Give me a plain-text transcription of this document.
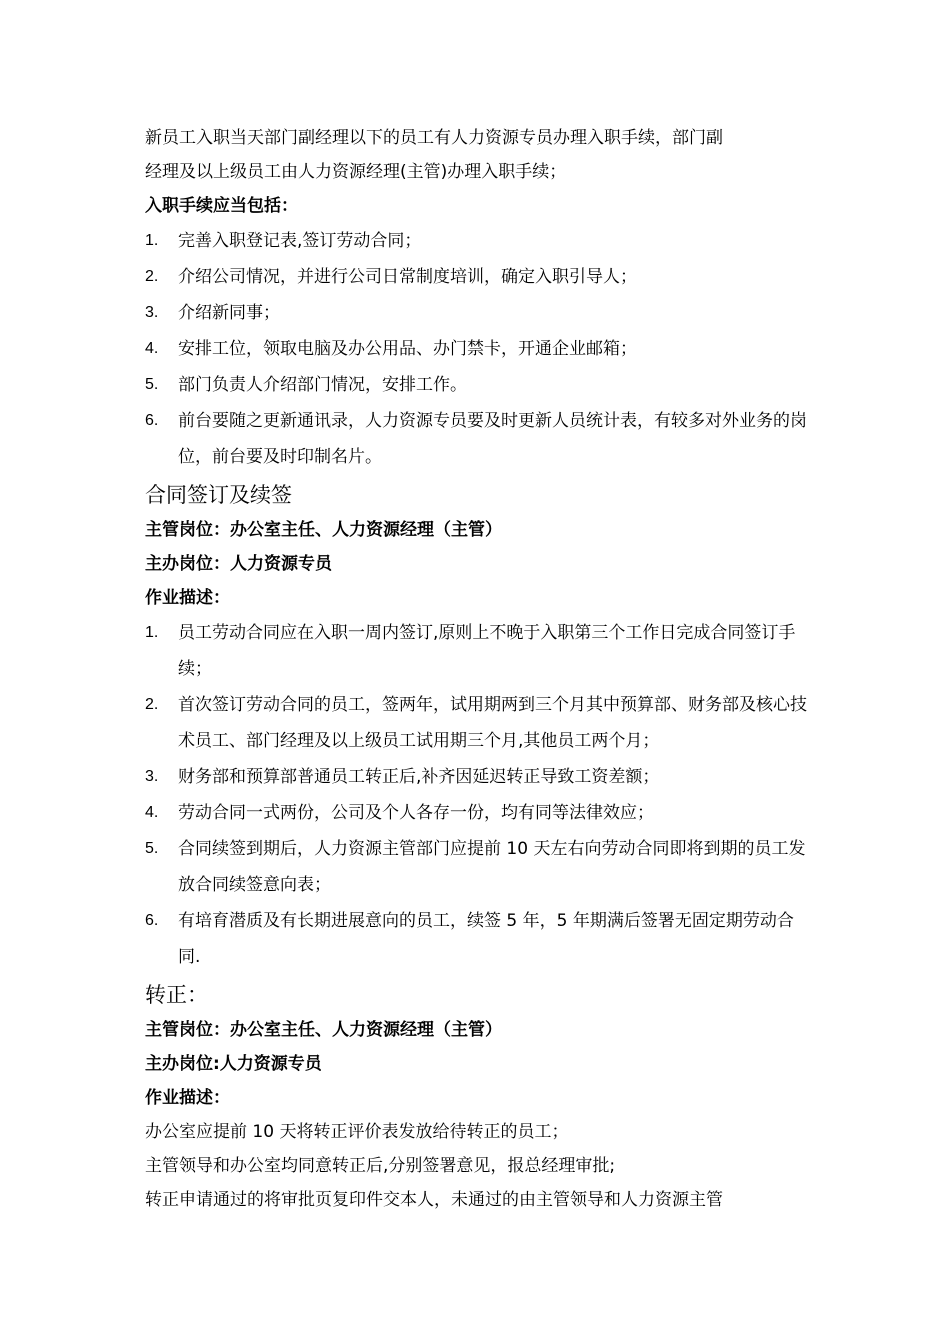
新员工入职当天部门副经理以下的员工有人力资源专员办理入职手续，部门副

经理及以上级员工由人力资源经理(主管)办理入职手续；

入职手续应当包括：

1. 完善入职登记表,签订劳动合同；
2. 介绍公司情况，并进行公司日常制度培训，确定入职引导人；
3. 介绍新同事；
4. 安排工位，领取电脑及办公用品、办门禁卡，开通企业邮箱；
5. 部门负责人介绍部门情况，安排工作。
6. 前台要随之更新通讯录，人力资源专员要及时更新人员统计表，有较多对外业务的岗位，前台要及时印制名片。
合同签订及续签

主管岗位：办公室主任、人力资源经理（主管）

主办岗位：人力资源专员

作业描述：

1. 员工劳动合同应在入职一周内签订,原则上不晚于入职第三个工作日完成合同签订手续；
2. 首次签订劳动合同的员工，签两年，试用期两到三个月其中预算部、财务部及核心技术员工、部门经理及以上级员工试用期三个月,其他员工两个月；
3. 财务部和预算部普通员工转正后,补齐因延迟转正导致工资差额；
4. 劳动合同一式两份，公司及个人各存一份，均有同等法律效应；
5. 合同续签到期后，人力资源主管部门应提前 10 天左右向劳动合同即将到期的员工发放合同续签意向表；
6. 有培育潜质及有长期进展意向的员工，续签 5 年，5 年期满后签署无固定期劳动合同.
转正：

主管岗位：办公室主任、人力资源经理（主管）

主办岗位:人力资源专员

作业描述：

办公室应提前 10 天将转正评价表发放给待转正的员工；

主管领导和办公室均同意转正后,分别签署意见，报总经理审批;

转正申请通过的将审批页复印件交本人，未通过的由主管领导和人力资源主管
